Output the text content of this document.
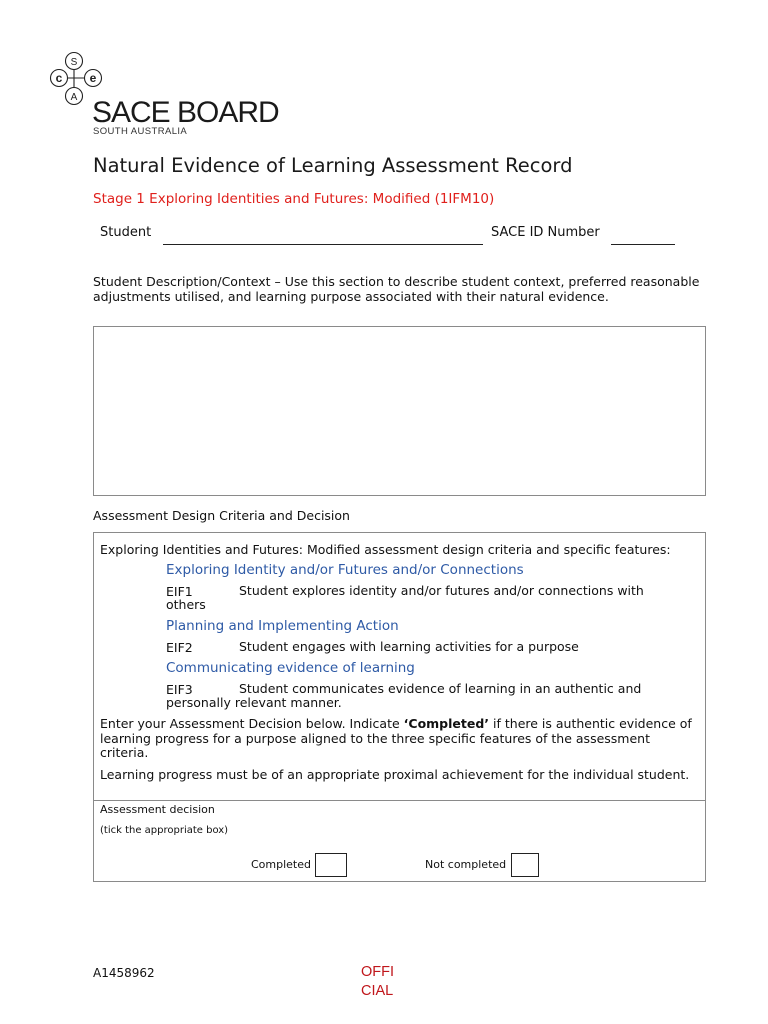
S
c e
A SACE BOARD
SOUTH AUSTRALIA
Natural Evidence of Learning Assessment Record
Stage 1 Exploring Identities and Futures: Modified (1IFM10)
Student	SACE ID Number
Student Description/Context – Use this section to describe student context, preferred reasonable adjustments utilised, and learning purpose associated with their natural evidence.
Assessment Design Criteria and Decision
Exploring Identities and Futures: Modified assessment design criteria and specific features:
Exploring Identity and/or Futures and/or Connections
EIF1	Student explores identity and/or futures and/or connections with
others
Planning and Implementing Action
EIF2	Student engages with learning activities for a purpose
Communicating evidence of learning
EIF3	Student communicates evidence of learning in an authentic and
personally relevant manner.
Enter your Assessment Decision below. Indicate ‘Completed’ if there is authentic evidence of learning progress for a purpose aligned to the three specific features of the assessment criteria.
Learning progress must be of an appropriate proximal achievement for the individual student.
Assessment decision
(tick the appropriate box)
Completed	Not completed
A1458962	OFFI
CIAL
